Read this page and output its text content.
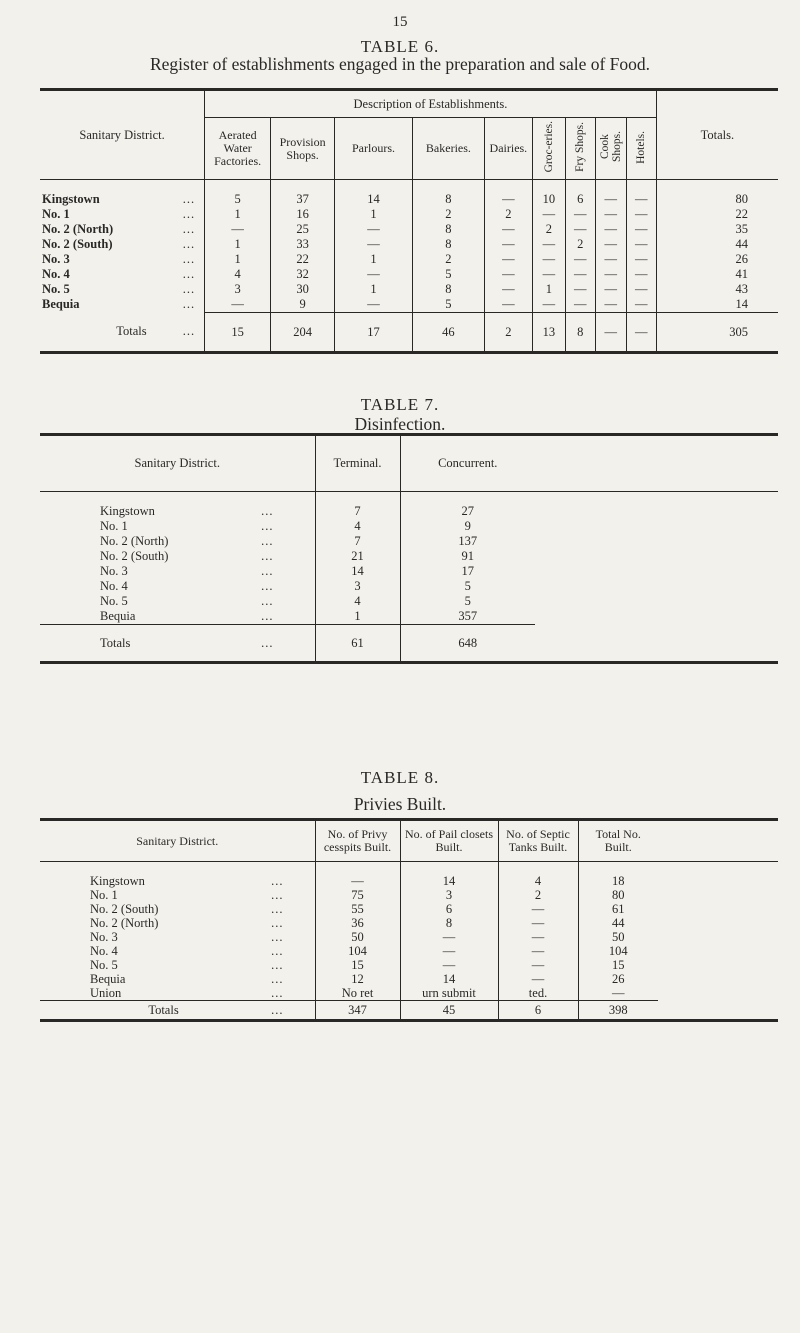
15
TABLE 6.
Register of establishments engaged in the preparation and sale of Food.
Sanitary District.	Description of Establishments.									Totals.
	Aerated Water Factories.	Provision Shops.	Parlours.	Bakeries.	Dairies.	Groc-eries.	Fry Shops.	Cook Shops.	Hotels.	

Kingstown ...	5	37	14	8	—	10	6	—	—	80
No. 1 ...	1	16	1	2	2	—	—	—	—	22
No. 2 (North) ...	—	25	—	8	—	2	—	—	—	35
No. 2 (South) ...	1	33	—	8	—	—	2	—	—	44
No. 3 ...	1	22	1	2	—	—	—	—	—	26
No. 4 ...	4	32	—	5	—	—	—	—	—	41
No. 5 ...	3	30	1	8	—	1	—	—	—	43
Bequia ...	—	9	—	5	—	—	—	—	—	14
Totals ...	15	204	17	46	2	13	8	—	—	305
TABLE 7.
Disinfection.
Sanitary District.		Terminal.	Concurrent.	

Kingstown	...	7	27	
No. 1	...	4	9	
No. 2 (North)	...	7	137	
No. 2 (South)	...	21	91	
No. 3	...	14	17	
No. 4	...	3	5	
No. 5	...	4	5	
Bequia	...	1	357	
Totals	...	61	648	
TABLE 8.
Privies Built.
Sanitary District.		No. of Privy cesspits Built.	No. of Pail closets Built.	No. of Septic Tanks Built.	Total No. Built.	

Kingstown	...	—	14	4	18	
No. 1	...	75	3	2	80	
No. 2 (South)	...	55	6	—	61	
No. 2 (North)	...	36	8	—	44	
No. 3	...	50	—	—	50	
No. 4	...	104	—	—	104	
No. 5	...	15	—	—	15	
Bequia	...	12	14	—	26	
Union	...	No ret	urn submit	ted.	—	
Totals	...	347	45	6	398	
